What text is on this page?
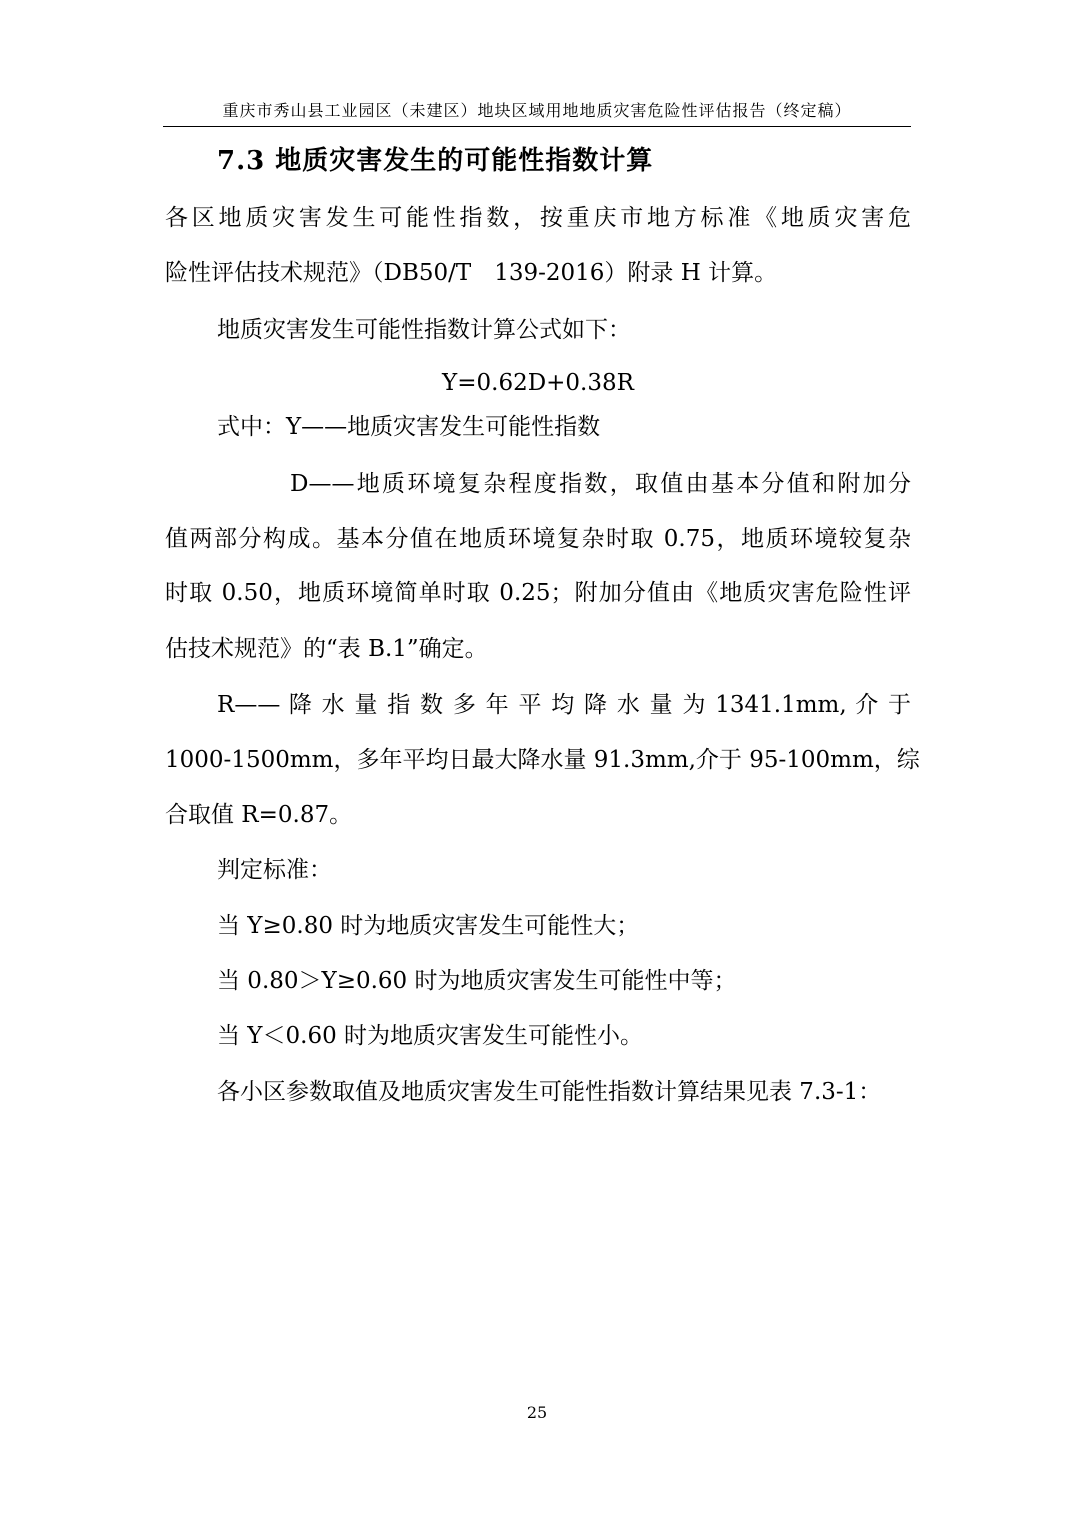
重庆市秀山县工业园区（未建区）地块区域用地地质灾害危险性评估报告（终定稿）
7.3 地质灾害发生的可能性指数计算
各区地质灾害发生可能性指数，按重庆市地方标准《地质灾害危
险性评估技术规范》（DB50/T　139-2016）附录 H 计算。
地质灾害发生可能性指数计算公式如下：
Y=0.62D+0.38R
式中：Y——地质灾害发生可能性指数
D——地质环境复杂程度指数，取值由基本分值和附加分
值两部分构成。基本分值在地质环境复杂时取 0.75，地质环境较复杂
时取 0.50，地质环境简单时取 0.25；附加分值由《地质灾害危险性评
估技术规范》的“表 B.1”确定。
R—— 降 水 量 指 数 多 年 平 均 降 水 量 为 1341.1mm, 介 于
1000-1500mm，多年平均日最大降水量 91.3mm,介于 95-100mm，综
合取值 R=0.87。
判定标准：
当 Y≥0.80 时为地质灾害发生可能性大；
当 0.80＞Y≥0.60 时为地质灾害发生可能性中等；
当 Y＜0.60 时为地质灾害发生可能性小。
各小区参数取值及地质灾害发生可能性指数计算结果见表 7.3-1：
25
